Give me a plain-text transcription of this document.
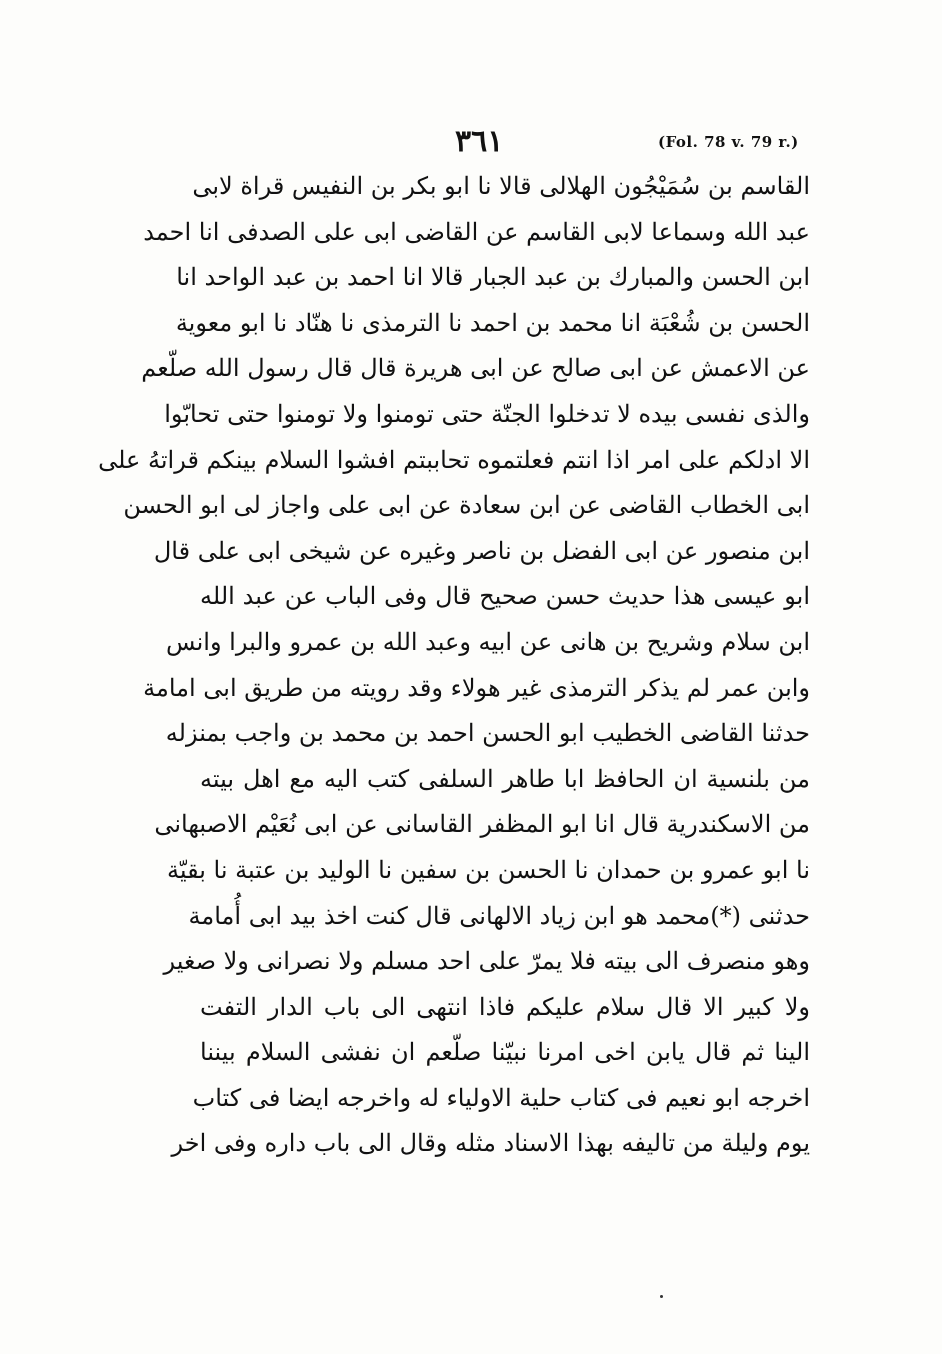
٣٦١	(Fol. 78 v. 79 r.)
القاسم بن سُمَيْجُون الهلالى قالا نا ابو بكر بن النفيس قراة لابى
عبد الله وسماعا لابى القاسم عن القاضى ابى على الصدفى انا احمد
ابن الحسن والمبارك بن عبد الجبار قالا انا احمد بن عبد الواحد انا
الحسن بن شُعْبَة انا محمد بن احمد نا الترمذى نا هنّاد نا ابو معوية
عن الاعمش عن ابى صالح عن ابى هريرة قال قال رسول الله صلّعم
والذى نفسى بيده لا تدخلوا الجنّة حتى تومنوا ولا تومنوا حتى تحابّوا
الا ادلكم على امر اذا انتم فعلتموه تحاببتم افشوا السلام بينكم قراتهُ على
ابى الخطاب القاضى عن ابن سعادة عن ابى على واجاز لى ابو الحسن
ابن منصور عن ابى الفضل بن ناصر وغيره عن شيخى ابى على قال
ابو عيسى هذا حديث حسن صحيح قال وفى الباب عن عبد الله
ابن سلام وشريح بن هانى عن ابيه وعبد الله بن عمرو والبرا وانس
وابن عمر لم يذكر الترمذى غير هولاء وقد رويته من طريق ابى امامة
حدثنا القاضى الخطيب ابو الحسن احمد بن محمد بن واجب بمنزله
من بلنسية ان الحافظ ابا طاهر السلفى كتب اليه مع اهل بيته
من الاسكندرية قال انا ابو المظفر القاسانى عن ابى نُعَيْم الاصبهانى
نا ابو عمرو بن حمدان نا الحسن بن سفين نا الوليد بن عتبة نا بقيّة
حدثنى (*)محمد هو ابن زياد الالهانى قال كنت اخذ بيد ابى أُمامة
وهو منصرف الى بيته فلا يمرّ على احد مسلم ولا نصرانى ولا صغير
ولا كبير الا قال سلام عليكم فاذا انتهى الى باب الدار التفت
الينا ثم قال يابن اخى امرنا نبيّنا صلّعم ان نفشى السلام بيننا
اخرجه ابو نعيم فى كتاب حلية الاولياء له واخرجه ايضا فى كتاب
يوم وليلة من تاليفه بهذا الاسناد مثله وقال الى باب داره وفى اخر
